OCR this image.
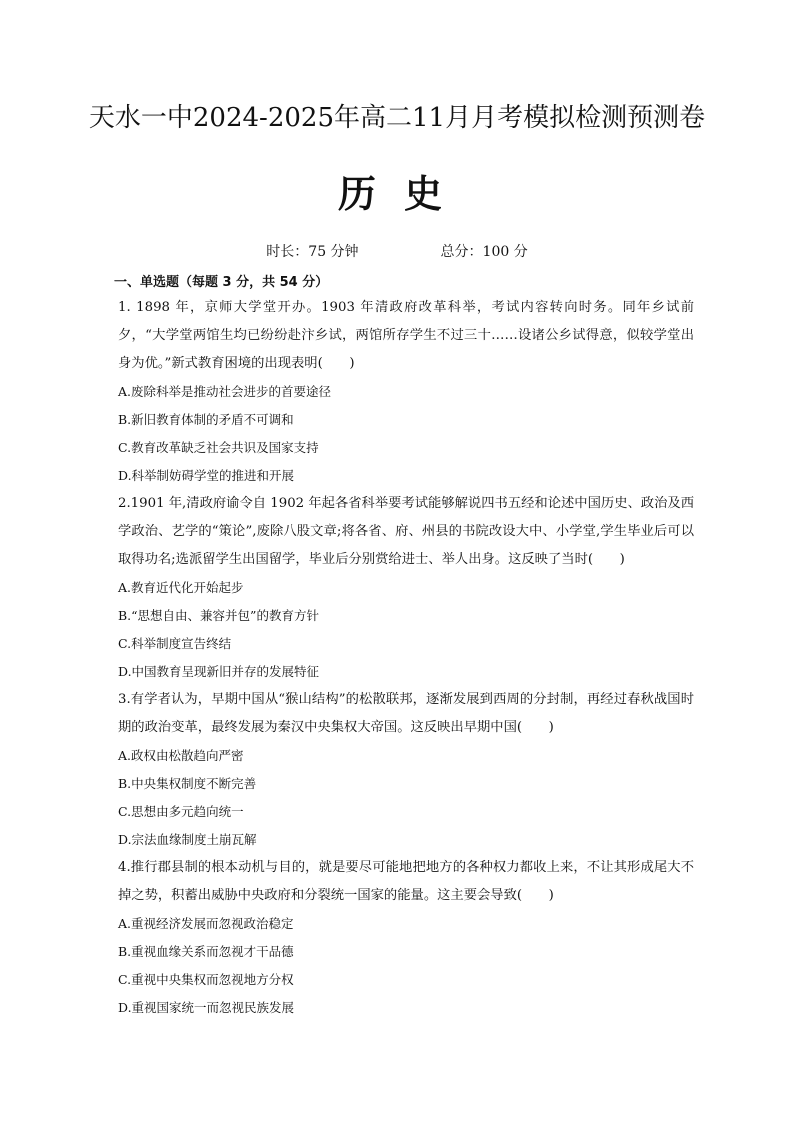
天水一中2024-2025年高二11月月考模拟检测预测卷
历史
时长：75 分钟	总分：100 分
一、单选题（每题 3 分，共 54 分）

1. 1898 年，京师大学堂开办。1903 年清政府改革科举，考试内容转向时务。同年乡试前夕，“大学堂两馆生均已纷纷赴汴乡试，两馆所存学生不过三十……设诸公乡试得意，似较学堂出身为优。”新式教育困境的出现表明(　　)

A.废除科举是推动社会进步的首要途径

B.新旧教育体制的矛盾不可调和

C.教育改革缺乏社会共识及国家支持

D.科举制妨碍学堂的推进和开展

2.1901 年,清政府谕令自 1902 年起各省科举要考试能够解说四书五经和论述中国历史、政治及西学政治、艺学的“策论”,废除八股文章;将各省、府、州县的书院改设大中、小学堂,学生毕业后可以取得功名;选派留学生出国留学，毕业后分别赏给进士、举人出身。这反映了当时(　　)

A.教育近代化开始起步

B.“思想自由、兼容并包”的教育方针

C.科举制度宣告终结

D.中国教育呈现新旧并存的发展特征

3.有学者认为，早期中国从“猴山结构”的松散联邦，逐渐发展到西周的分封制，再经过春秋战国时期的政治变革，最终发展为秦汉中央集权大帝国。这反映出早期中国(　　)

A.政权由松散趋向严密

B.中央集权制度不断完善

C.思想由多元趋向统一

D.宗法血缘制度土崩瓦解

4.推行郡县制的根本动机与目的，就是要尽可能地把地方的各种权力都收上来，不让其形成尾大不掉之势，积蓄出威胁中央政府和分裂统一国家的能量。这主要会导致(　　)

A.重视经济发展而忽视政治稳定

B.重视血缘关系而忽视才干品德

C.重视中央集权而忽视地方分权

D.重视国家统一而忽视民族发展
